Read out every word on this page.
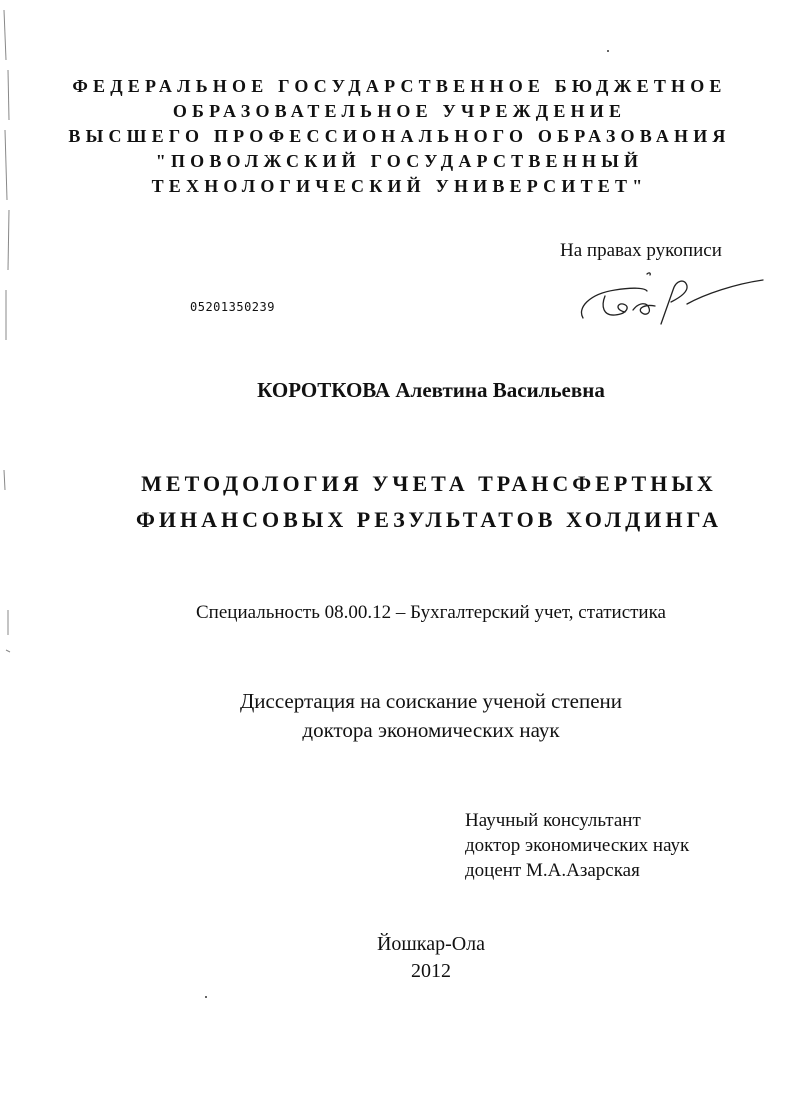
ФЕДЕРАЛЬНОЕ ГОСУДАРСТВЕННОЕ БЮДЖЕТНОЕ
ОБРАЗОВАТЕЛЬНОЕ УЧРЕЖДЕНИЕ
ВЫСШЕГО ПРОФЕССИОНАЛЬНОГО ОБРАЗОВАНИЯ
"ПОВОЛЖСКИЙ ГОСУДАРСТВЕННЫЙ
ТЕХНОЛОГИЧЕСКИЙ УНИВЕРСИТЕТ"
На правах рукописи
05201350239
КОРОТКОВА Алевтина Васильевна
МЕТОДОЛОГИЯ УЧЕТА ТРАНСФЕРТНЫХ
ФИНАНСОВЫХ РЕЗУЛЬТАТОВ ХОЛДИНГА
Специальность 08.00.12 – Бухгалтерский учет, статистика
Диссертация на соискание ученой степени
доктора экономических наук
Научный консультант
доктор экономических наук
доцент М.А.Азарская
Йошкар-Ола
2012
